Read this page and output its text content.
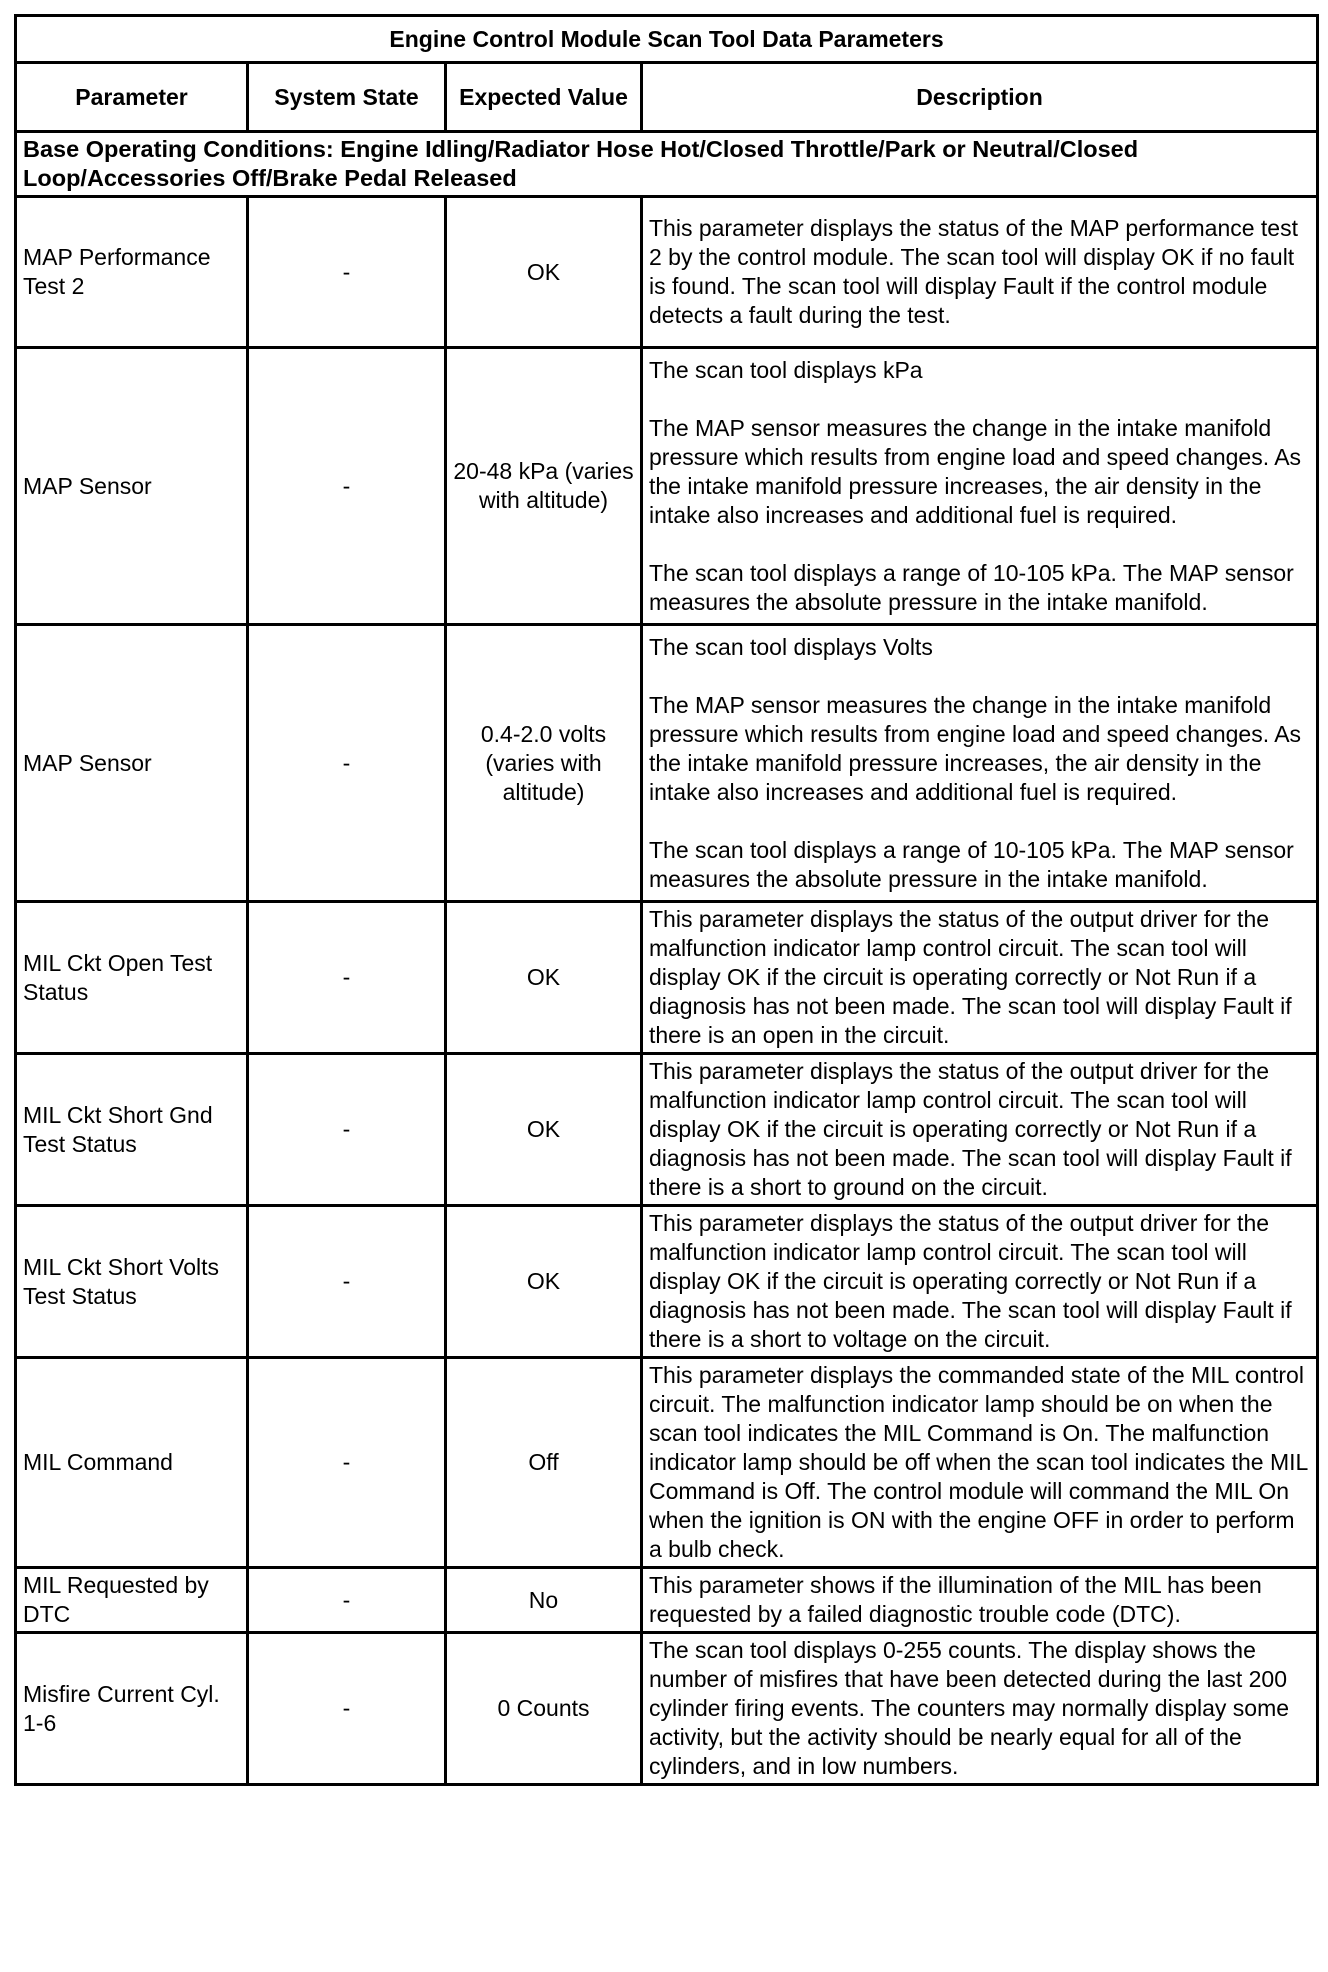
Engine Control Module Scan Tool Data Parameters			
Parameter	System State	Expected Value	Description
Base Operating Conditions: Engine Idling/Radiator Hose Hot/Closed Throttle/Park or Neutral/Closed Loop/Accessories Off/Brake Pedal Released			
MAP Performance Test 2	-	OK	This parameter displays the status of the MAP performance test 2 by the control module. The scan tool will display OK if no fault is found. The scan tool will display Fault if the control module detects a fault during the test.

MAP Sensor	-	20-48 kPa (varies with altitude)	The scan tool displays kPa

The MAP sensor measures the change in the intake manifold pressure which results from engine load and speed changes. As the intake manifold pressure increases, the air density in the intake also increases and additional fuel is required.

The scan tool displays a range of 10-105 kPa. The MAP sensor measures the absolute pressure in the intake manifold.

MAP Sensor	-	0.4-2.0 volts (varies with altitude)	The scan tool displays Volts

The MAP sensor measures the change in the intake manifold pressure which results from engine load and speed changes. As the intake manifold pressure increases, the air density in the intake also increases and additional fuel is required.

The scan tool displays a range of 10-105 kPa. The MAP sensor measures the absolute pressure in the intake manifold.

MIL Ckt Open Test Status	-	OK	This parameter displays the status of the output driver for the malfunction indicator lamp control circuit. The scan tool will display OK if the circuit is operating correctly or Not Run if a diagnosis has not been made. The scan tool will display Fault if there is an open in the circuit.

MIL Ckt Short Gnd Test Status	-	OK	This parameter displays the status of the output driver for the malfunction indicator lamp control circuit. The scan tool will display OK if the circuit is operating correctly or Not Run if a diagnosis has not been made. The scan tool will display Fault if there is a short to ground on the circuit.

MIL Ckt Short Volts Test Status	-	OK	This parameter displays the status of the output driver for the malfunction indicator lamp control circuit. The scan tool will display OK if the circuit is operating correctly or Not Run if a diagnosis has not been made. The scan tool will display Fault if there is a short to voltage on the circuit.

MIL Command	-	Off	This parameter displays the commanded state of the MIL control circuit. The malfunction indicator lamp should be on when the scan tool indicates the MIL Command is On. The malfunction indicator lamp should be off when the scan tool indicates the MIL Command is Off. The control module will command the MIL On when the ignition is ON with the engine OFF in order to perform a bulb check.

MIL Requested by DTC	-	No	This parameter shows if the illumination of the MIL has been requested by a failed diagnostic trouble code (DTC).

Misfire Current Cyl. 1-6	-	0 Counts	The scan tool displays 0-255 counts. The display shows the number of misfires that have been detected during the last 200 cylinder firing events. The counters may normally display some activity, but the activity should be nearly equal for all of the cylinders, and in low numbers.
